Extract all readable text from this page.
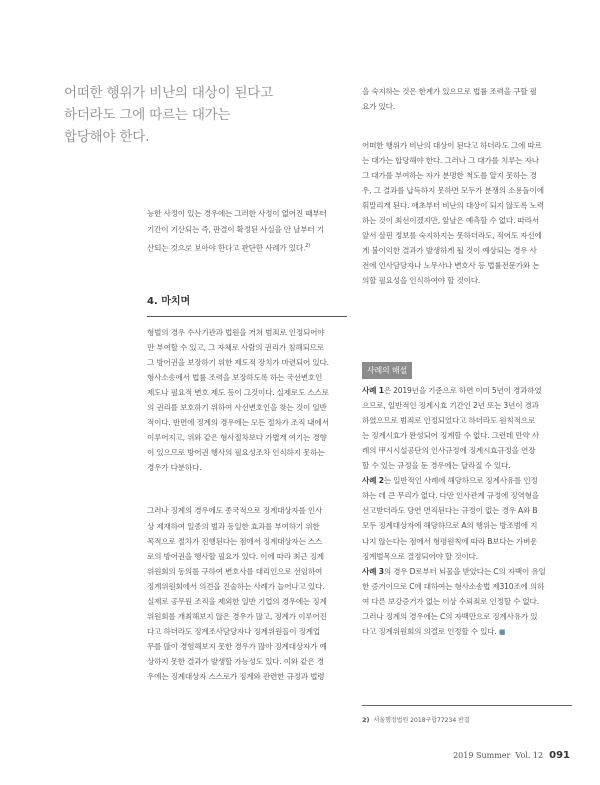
어떠한 행위가 비난의 대상이 된다고
하더라도 그에 따르는 대가는
합당해야 한다.
능한 사정이 있는 경우에는 그러한 사정이 없어진 때부터
기간이 기산되는 즉, 판결이 확정된 사실을 안 날부터 기
산되는 것으로 보아야 한다고 판단한 사례가 있다.$^{2)}$
4. 마치며
형벌의 경우 수사기관과 법원을 거쳐 범죄로 인정되어야
만 부여할 수 있고, 그 자체로 사람의 권리가 침해되므로
그 방어권을 보장하기 위한 제도적 장치가 마련되어 있다.
형사소송에서 법률 조력을 보장하도록 하는 국선변호인
제도나 필요적 변호 제도 등이 그것이다. 실제로도 스스로
의 권리를 보호하기 위하여 사선변호인을 찾는 것이 일반
적이다. 반면에 징계의 경우에는 모든 절차가 조직 내에서
이루어지고, 위와 같은 형사절차보다 가볍게 여기는 경향
이 있으므로 방어권 행사의 필요성조차 인식하지 못하는
경우가 다분하다.
그러나 징계의 경우에도 종국적으로 징계대상자를 인사
상 제재하여 일종의 벌과 동일한 효과를 부여하기 위한
목적으로 절차가 진행된다는 점에서 징계대상자는 스스
로의 방어권을 행사할 필요가 있다. 이에 따라 최근 징계
위원회의 동의를 구하여 변호사를 대리인으로 선임하여
징계위원회에서 의견을 진술하는 사례가 늘어나고 있다.
실제로 공무원 조직을 제외한 일반 기업의 경우에는 징계
위원회를 개최해보지 않은 경우가 많고, 징계가 이루어진
다고 하더라도 징계조사담당자나 징계위원들이 징계업
무를 많이 경험해보지 못한 경우가 많아 징계대상자가 예
상하지 못한 결과가 발생할 가능성도 있다. 이와 같은 경
우에는 징계대상자 스스로가 징계와 관련한 규정과 법령
을 숙지하는 것은 한계가 있으므로 법률 조력을 구할 필
요가 있다.
어떠한 행위가 비난의 대상이 된다고 하더라도 그에 따르
는 대가는 합당해야 한다. 그러나 그 대가를 치루는 자나
그 대가를 부여하는 자가 분명한 척도를 알지 못하는 경
우, 그 결과를 납득하지 못하면 모두가 분쟁의 소용돌이에
휘말리게 된다. 애초부터 비난의 대상이 되지 않도록 노력
하는 것이 최선이겠지만, 앞날은 예측할 수 없다. 따라서
앞서 살핀 정보를 숙지하지는 못하더라도, 적어도 자신에
게 불이익한 결과가 발생하게 될 것이 예상되는 경우 사
전에 인사담당자나 노무사나 변호사 등 법률전문가와 논
의할 필요성을 인식하여야 할 것이다.
사례의 해설
사례 1은 2019년을 기준으로 하면 이미 5년이 경과하였
으므로, 일반적인 징계시효 기간인 2년 또는 3년이 경과
하였으므로 범죄로 인정되었다고 하더라도 원칙적으로
는 징계시효가 완성되어 징계할 수 없다. 그런데 만약 사
례의 甲시시설공단의 인사규정에 징계시효규정을 연장
할 수 있는 규정을 둔 경우에는 달라질 수 있다.
사례 2는 일반적인 사례에 해당하므로 징계사유를 인정
하는 데 큰 무리가 없다. 다만 인사관계 규정에 징역형을
선고받더라도 당연 면직된다는 규정이 없는 경우 A와 B
모두 징계대상자에 해당하므로 A의 행위는 방조범에 지
나지 않는다는 점에서 형평원칙에 따라 B보다는 가벼운
징계벌목으로 결정되어야 할 것이다.
사례 3의 경우 D로부터 뇌물을 받았다는 C의 자백이 유일
한 증거이므로 C에 대하여는 형사소송법 제310조에 의하
여 다른 보강증거가 없는 이상 수뢰죄로 인정할 수 없다.
그러나 징계의 경우에는 C의 자백만으로 징계사유가 있
다고 징계위원회의 의결로 인정할 수 있다. ■
2) 서울행정법원 2018구합77234 판결
2019 Summer  Vol. 12 091
